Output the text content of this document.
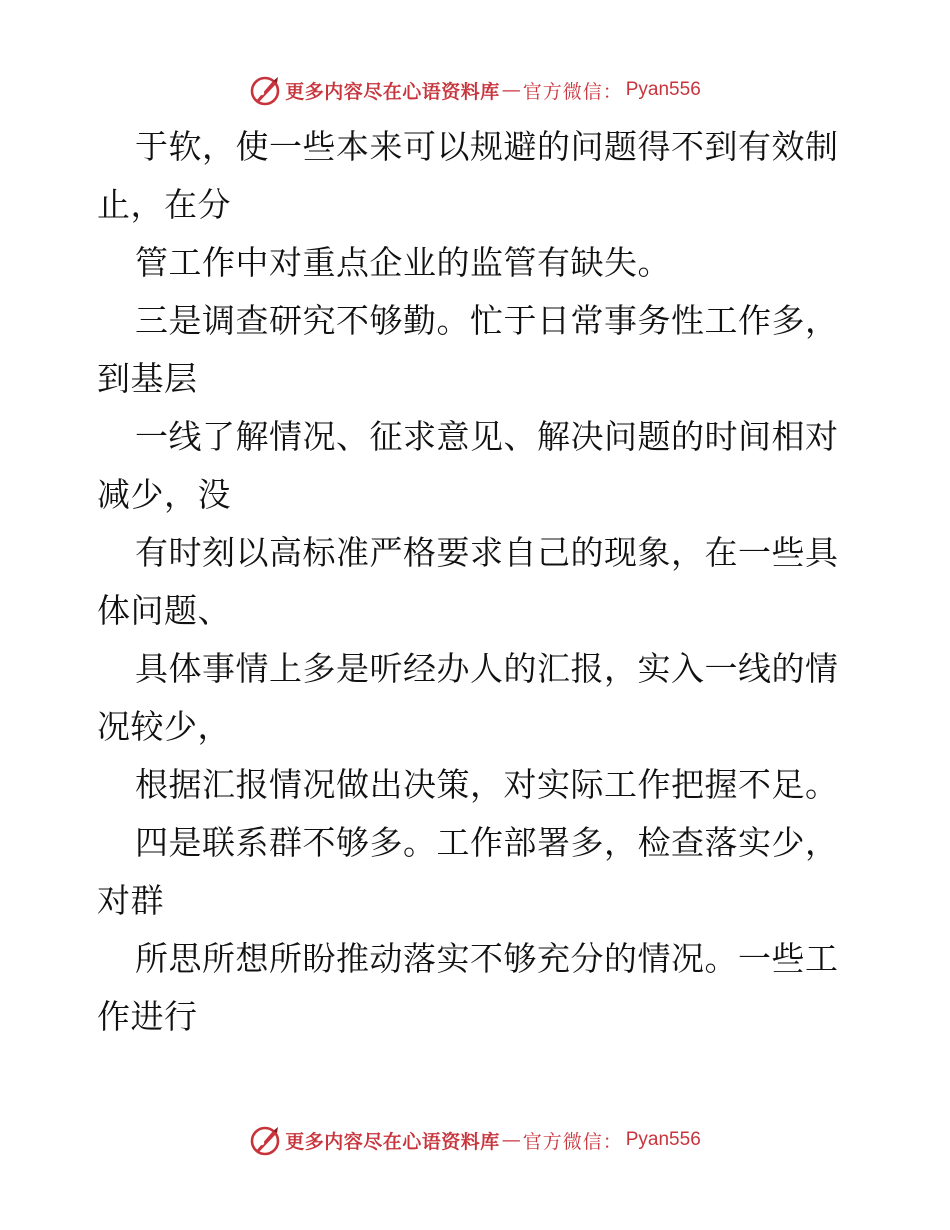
更多内容尽在心语资料库 — 官方微信： Pyan556
于软，使一些本来可以规避的问题得不到有效制
止，在分
管工作中对重点企业的监管有缺失。
三是调查研究不够勤。忙于日常事务性工作多，
到基层
一线了解情况、征求意见、解决问题的时间相对
减少，没
有时刻以高标准严格要求自己的现象，在一些具
体问题、
具体事情上多是听经办人的汇报，实入一线的情
况较少，
根据汇报情况做出决策，对实际工作把握不足。
四是联系群不够多。工作部署多，检查落实少，
对群
所思所想所盼推动落实不够充分的情况。一些工
作进行
更多内容尽在心语资料库 — 官方微信： Pyan556
